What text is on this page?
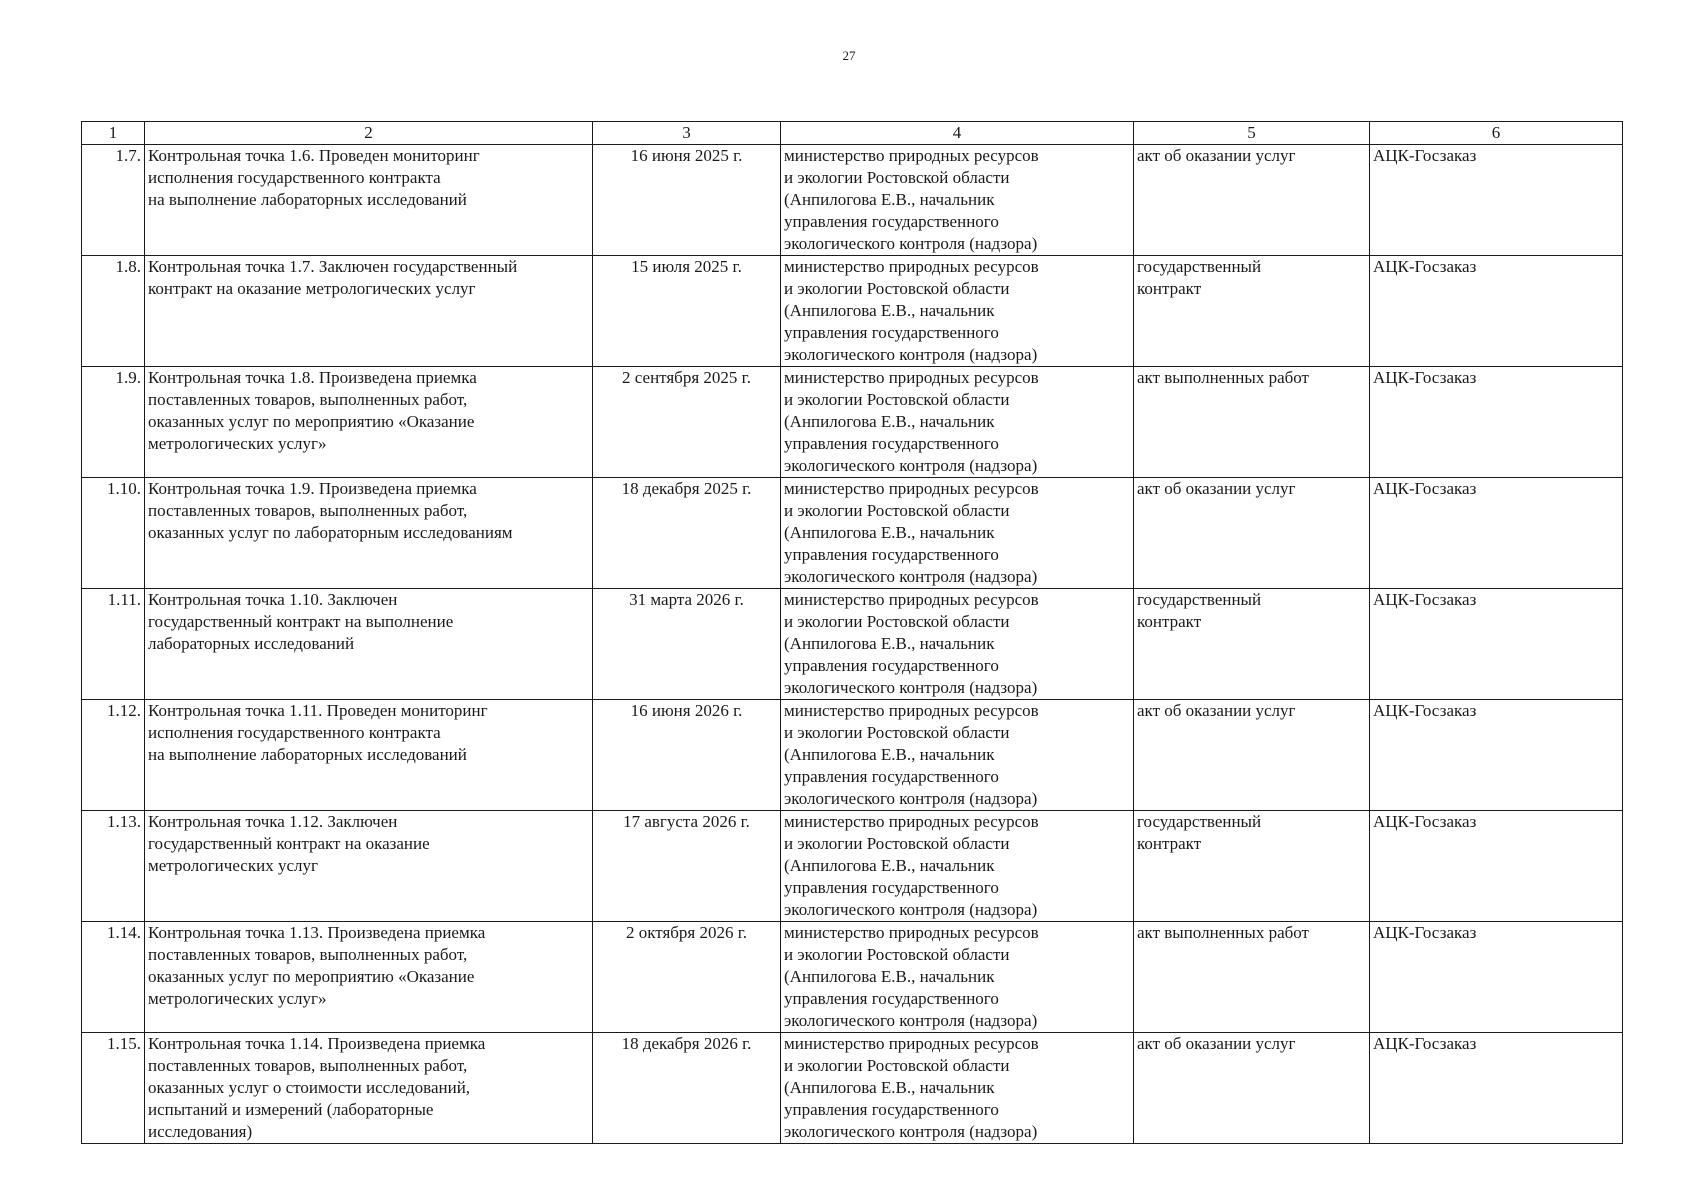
27
1	2	3	4	5	6
1.7.	Контрольная точка 1.6. Проведен мониторинг
исполнения государственного контракта
на выполнение лабораторных исследований	16 июня 2025 г.	министерство природных ресурсов
и экологии Ростовской области
(Анпилогова Е.В., начальник
управления государственного
экологического контроля (надзора)	акт об оказании услуг	АЦК-Госзаказ
1.8.	Контрольная точка 1.7. Заключен государственный
контракт на оказание метрологических услуг	15 июля 2025 г.	министерство природных ресурсов
и экологии Ростовской области
(Анпилогова Е.В., начальник
управления государственного
экологического контроля (надзора)	государственный
контракт	АЦК-Госзаказ
1.9.	Контрольная точка 1.8. Произведена приемка
поставленных товаров, выполненных работ,
оказанных услуг по мероприятию «Оказание
метрологических услуг»	2 сентября 2025 г.	министерство природных ресурсов
и экологии Ростовской области
(Анпилогова Е.В., начальник
управления государственного
экологического контроля (надзора)	акт выполненных работ	АЦК-Госзаказ
1.10.	Контрольная точка 1.9. Произведена приемка
поставленных товаров, выполненных работ,
оказанных услуг по лабораторным исследованиям	18 декабря 2025 г.	министерство природных ресурсов
и экологии Ростовской области
(Анпилогова Е.В., начальник
управления государственного
экологического контроля (надзора)	акт об оказании услуг	АЦК-Госзаказ
1.11.	Контрольная точка 1.10. Заключен
государственный контракт на выполнение
лабораторных исследований	31 марта 2026 г.	министерство природных ресурсов
и экологии Ростовской области
(Анпилогова Е.В., начальник
управления государственного
экологического контроля (надзора)	государственный
контракт	АЦК-Госзаказ
1.12.	Контрольная точка 1.11. Проведен мониторинг
исполнения государственного контракта
на выполнение лабораторных исследований	16 июня 2026 г.	министерство природных ресурсов
и экологии Ростовской области
(Анпилогова Е.В., начальник
управления государственного
экологического контроля (надзора)	акт об оказании услуг	АЦК-Госзаказ
1.13.	Контрольная точка 1.12. Заключен
государственный контракт на оказание
метрологических услуг	17 августа 2026 г.	министерство природных ресурсов
и экологии Ростовской области
(Анпилогова Е.В., начальник
управления государственного
экологического контроля (надзора)	государственный
контракт	АЦК-Госзаказ
1.14.	Контрольная точка 1.13. Произведена приемка
поставленных товаров, выполненных работ,
оказанных услуг по мероприятию «Оказание
метрологических услуг»	2 октября 2026 г.	министерство природных ресурсов
и экологии Ростовской области
(Анпилогова Е.В., начальник
управления государственного
экологического контроля (надзора)	акт выполненных работ	АЦК-Госзаказ
1.15.	Контрольная точка 1.14. Произведена приемка
поставленных товаров, выполненных работ,
оказанных услуг о стоимости исследований,
испытаний и измерений (лабораторные
исследования)	18 декабря 2026 г.	министерство природных ресурсов
и экологии Ростовской области
(Анпилогова Е.В., начальник
управления государственного
экологического контроля (надзора)	акт об оказании услуг	АЦК-Госзаказ
